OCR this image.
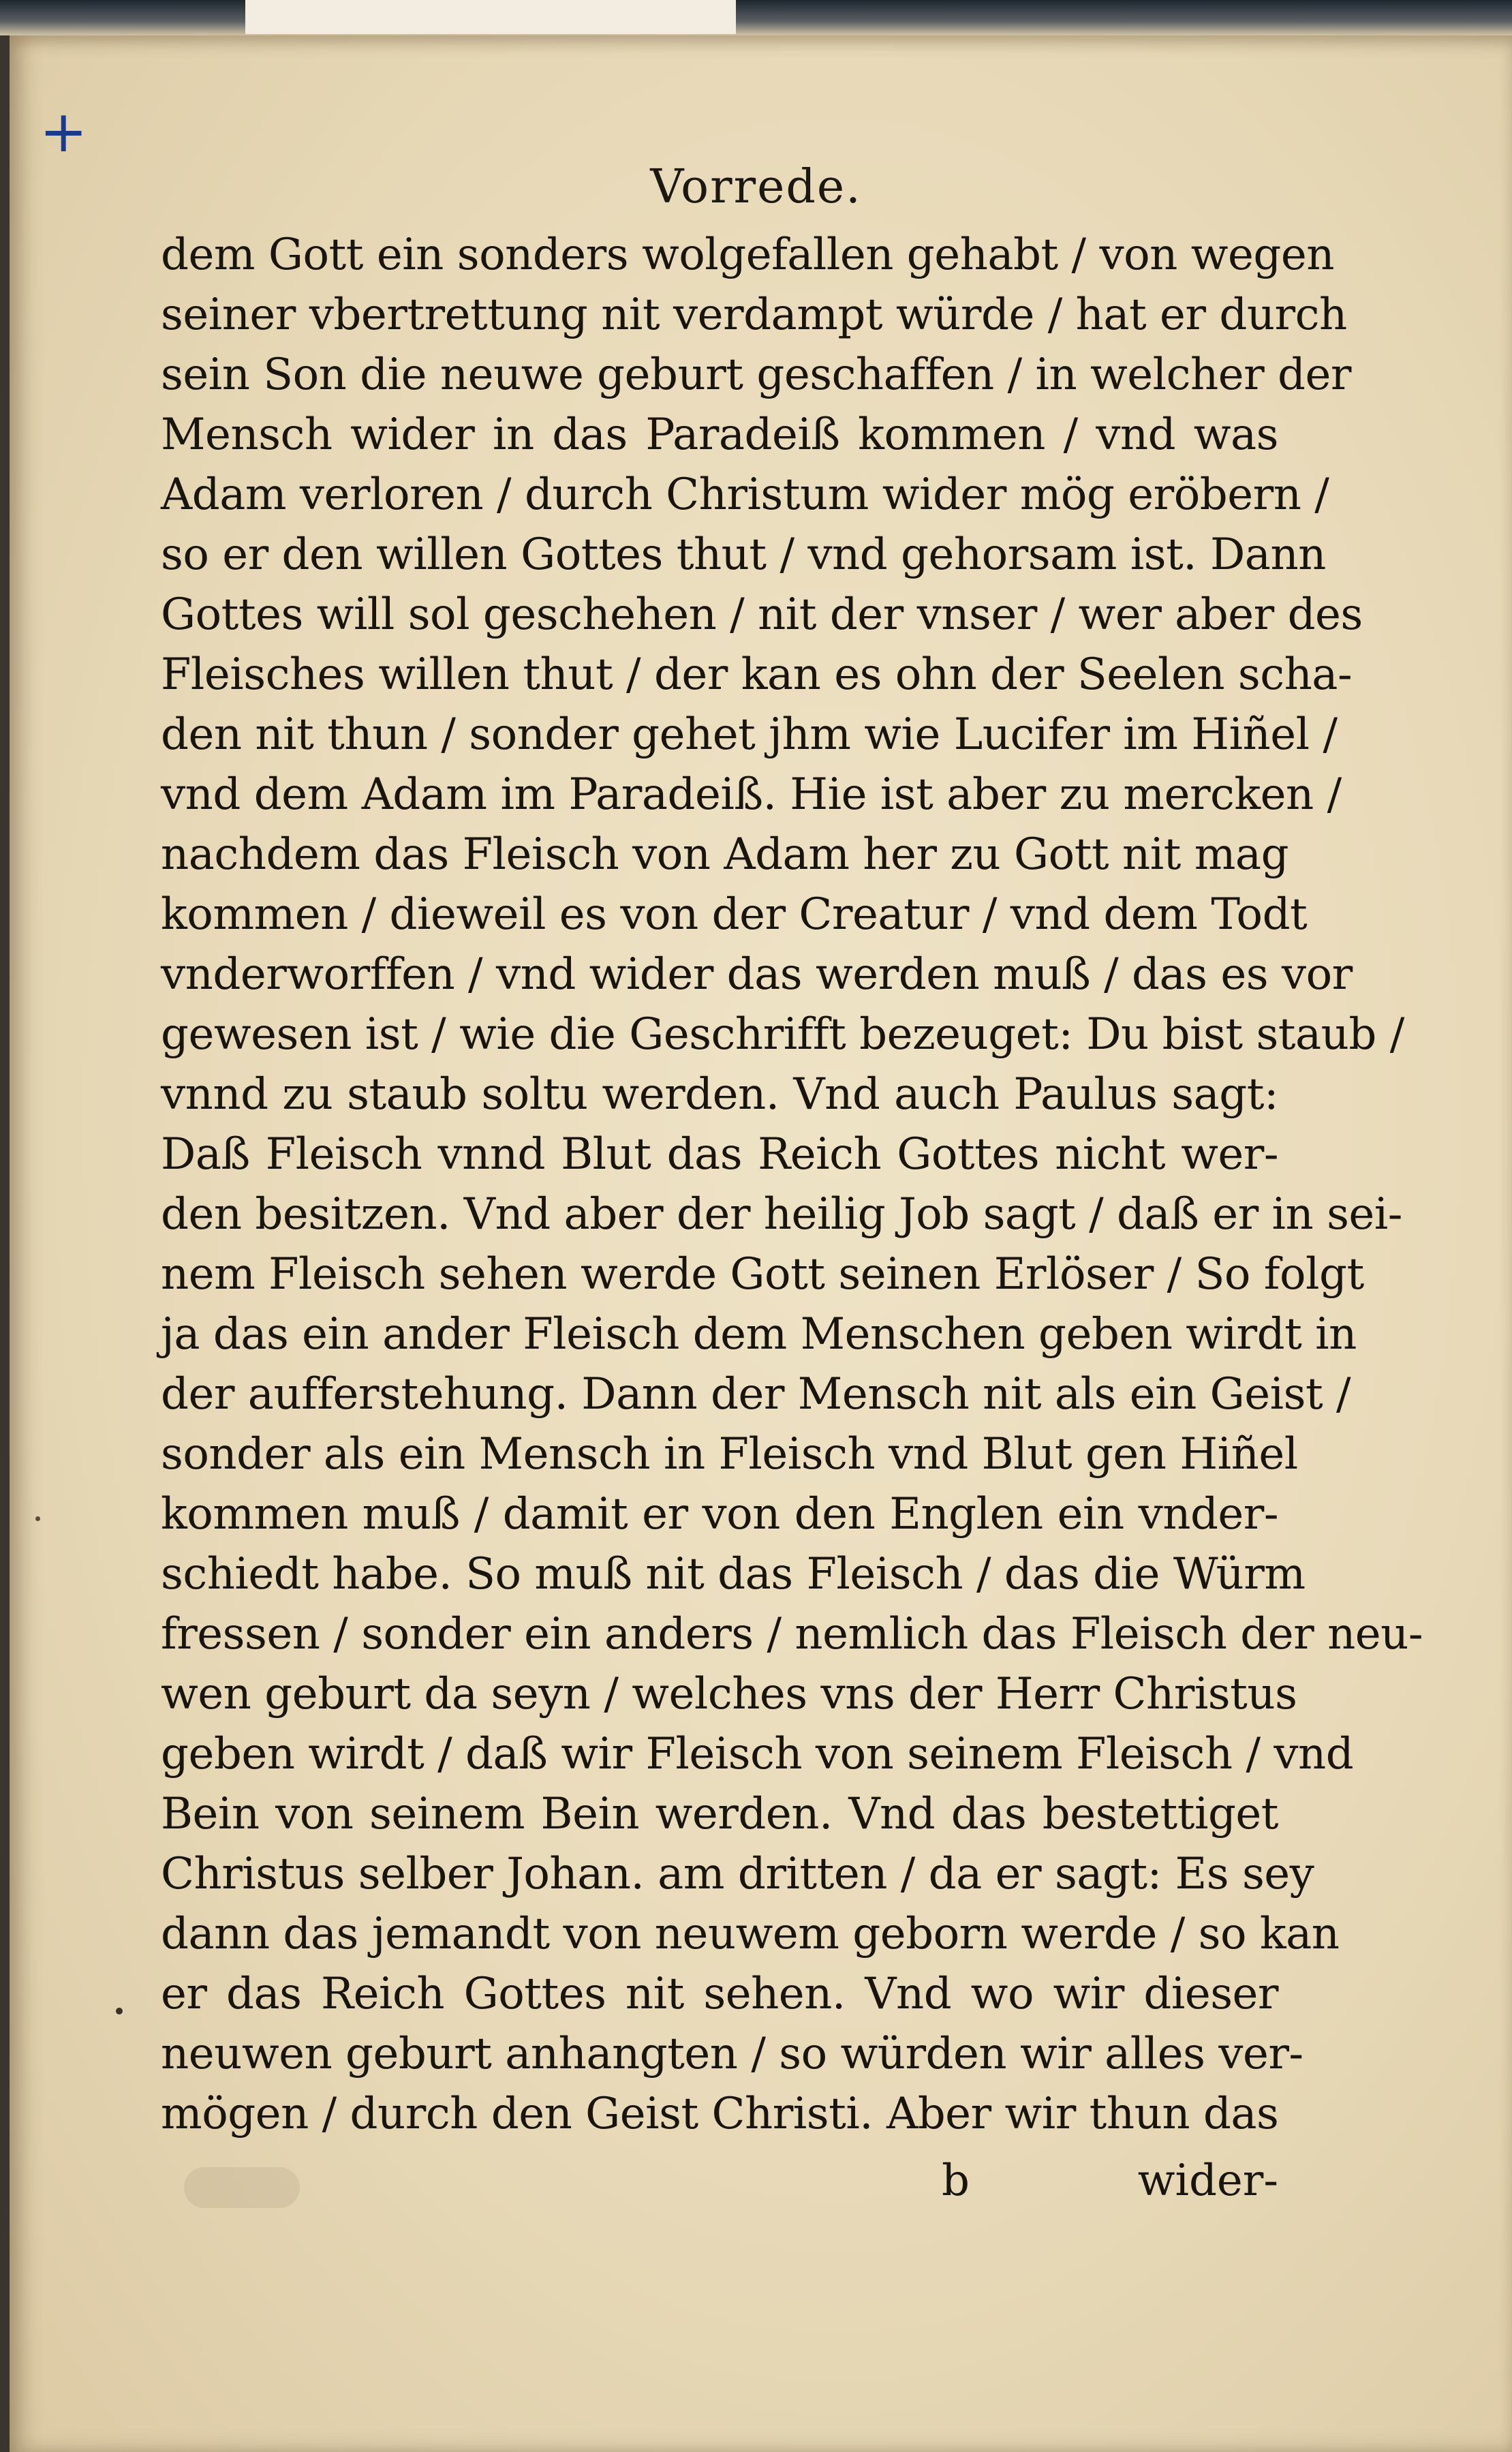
+
Vorrede.
dem Gott ein sonders wolgefallen gehabt / von wegen
seiner vbertrettung nit verdampt würde / hat er durch
sein Son die neuwe geburt geschaffen / in welcher der
Mensch wider in das Paradeiß kommen / vnd was
Adam verloren / durch Christum wider mög eröbern /
so er den willen Gottes thut / vnd gehorsam ist. Dann
Gottes will sol geschehen / nit der vnser / wer aber des
Fleisches willen thut / der kan es ohn der Seelen scha-
den nit thun / sonder gehet jhm wie Lucifer im Hiñel /
vnd dem Adam im Paradeiß. Hie ist aber zu mercken /
nachdem das Fleisch von Adam her zu Gott nit mag
kommen / dieweil es von der Creatur / vnd dem Todt
vnderworffen / vnd wider das werden muß / das es vor
gewesen ist / wie die Geschrifft bezeuget: Du bist staub /
vnnd zu staub soltu werden. Vnd auch Paulus sagt:
Daß Fleisch vnnd Blut das Reich Gottes nicht wer-
den besitzen. Vnd aber der heilig Job sagt / daß er in sei-
nem Fleisch sehen werde Gott seinen Erlöser / So folgt
ja das ein ander Fleisch dem Menschen geben wirdt in
der aufferstehung. Dann der Mensch nit als ein Geist /
sonder als ein Mensch in Fleisch vnd Blut gen Hiñel
kommen muß / damit er von den Englen ein vnder-
schiedt habe. So muß nit das Fleisch / das die Würm
fressen / sonder ein anders / nemlich das Fleisch der neu-
wen geburt da seyn / welches vns der Herr Christus
geben wirdt / daß wir Fleisch von seinem Fleisch / vnd
Bein von seinem Bein werden. Vnd das bestettiget
Christus selber Johan. am dritten / da er sagt: Es sey
dann das jemandt von neuwem geborn werde / so kan
er das Reich Gottes nit sehen. Vnd wo wir dieser
neuwen geburt anhangten / so würden wir alles ver-
mögen / durch den Geist Christi. Aber wir thun das
b	wider-
